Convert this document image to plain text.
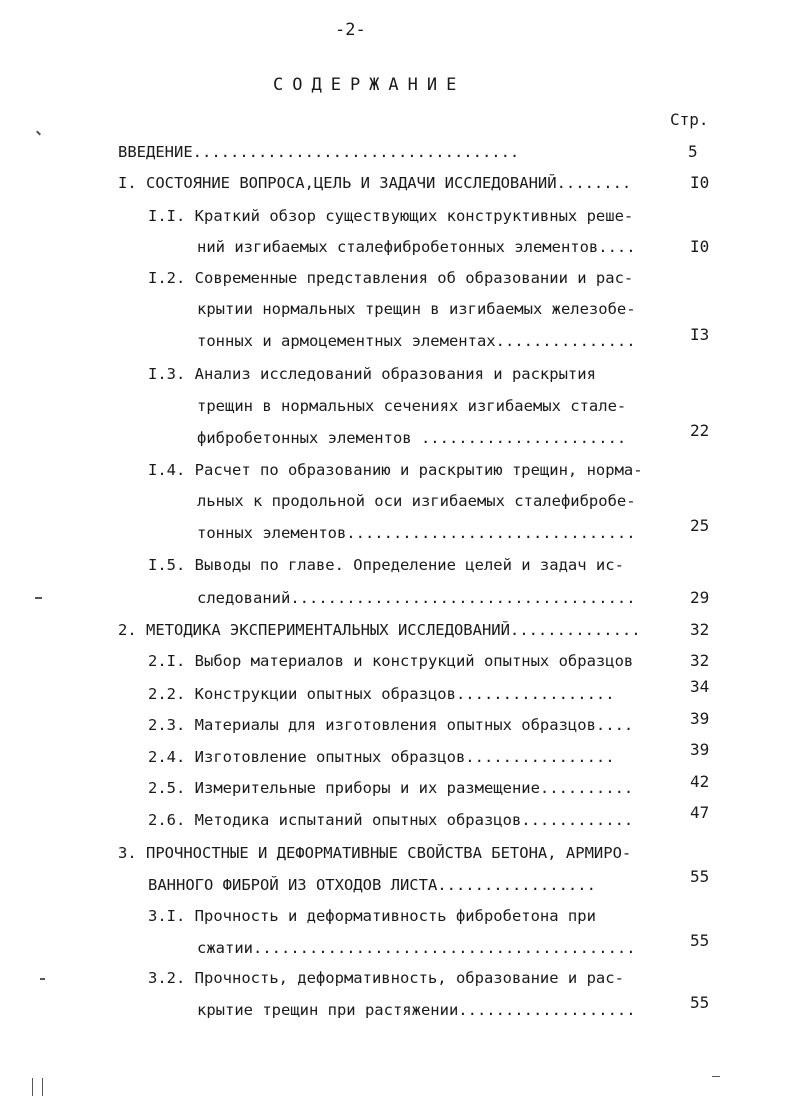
-2-
СОДЕРЖАНИЕ
Стр.
ВВЕДЕНИЕ...................................	5
I. СОСТОЯНИЕ ВОПРОСА,ЦЕЛЬ И ЗАДАЧИ ИССЛЕДОВАНИЙ........	I0
I.I. Краткий обзор существующих конструктивных реше-
ний изгибаемых сталефибробетонных элементов....	I0
I.2. Современные представления об образовании и рас-
крытии нормальных трещин в изгибаемых железобе-
тонных и армоцементных элементах...............	I3
I.3. Анализ исследований образования и раскрытия
трещин в нормальных сечениях изгибаемых стале-
фибробетонных элементов ......................	22
I.4. Расчет по образованию и раскрытию трещин, норма-
льных к продольной оси изгибаемых сталефибробе-
тонных элементов...............................	25
I.5. Выводы по главе. Определение целей и задач ис-
следований.....................................	29
2. МЕТОДИКА ЭКСПЕРИМЕНТАЛЬНЫХ ИССЛЕДОВАНИЙ..............	32
2.I. Выбор материалов и конструкций опытных образцов	32
2.2. Конструкции опытных образцов.................	34
2.3. Материалы для изготовления опытных образцов....	39
2.4. Изготовление опытных образцов................	39
2.5. Измерительные приборы и их размещение..........	42
2.6. Методика испытаний опытных образцов............	47
3. ПРОЧНОСТНЫЕ И ДЕФОРМАТИВНЫЕ СВОЙСТВА БЕТОНА, АРМИРО-
ВАННОГО ФИБРОЙ ИЗ ОТХОДОВ ЛИСТА.................	55
3.I. Прочность и деформативность фибробетона при
сжатии.........................................	55
3.2. Прочность, деформативность, образование и рас-
крытие трещин при растяжении...................	55
